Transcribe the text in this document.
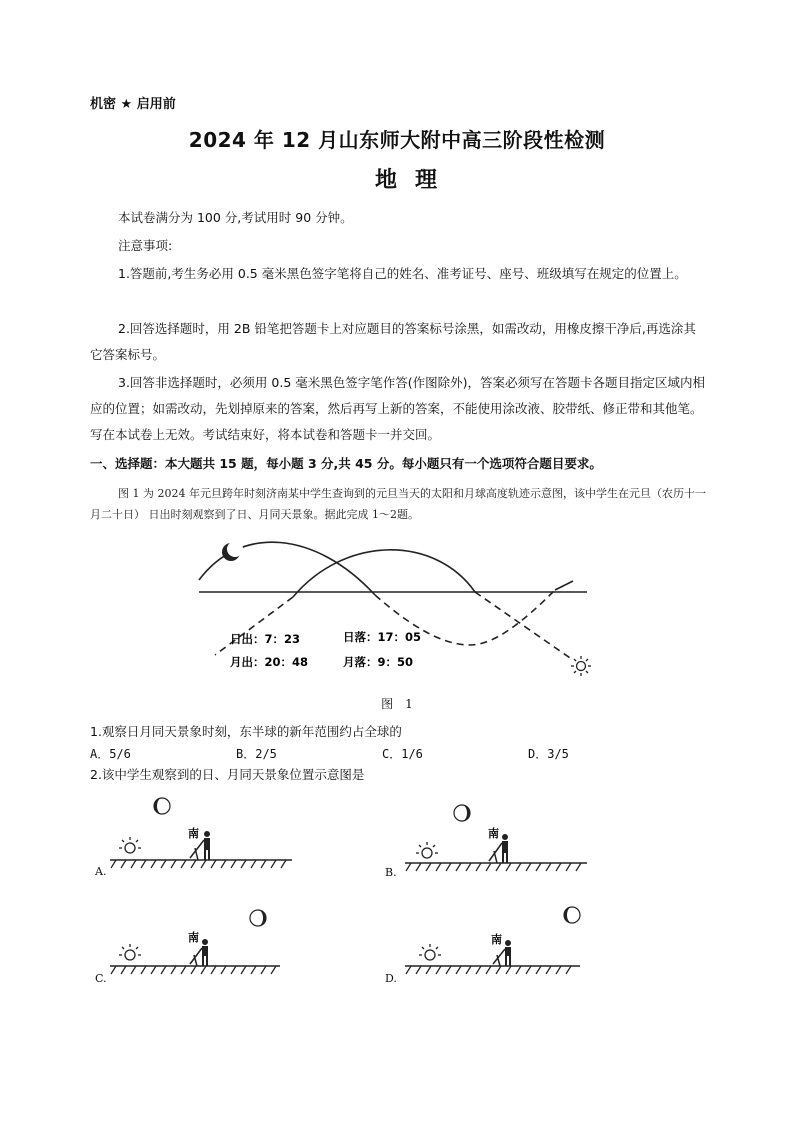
机密 ★ 启用前
2024 年 12 月山东师大附中高三阶段性检测
地理
本试卷满分为 100 分,考试用时 90 分钟。
注意事项:
1.答题前,考生务必用 0.5 毫米黑色签字笔将自己的姓名、准考证号、座号、班级填写在规定的位置上。
2.回答选择题时，用 2B 铅笔把答题卡上对应题目的答案标号涂黑，如需改动，用橡皮擦干净后,再选涂其它答案标号。
3.回答非选择题时，必须用 0.5 毫米黑色签字笔作答(作图除外)，答案必须写在答题卡各题目指定区域内相应的位置；如需改动，先划掉原来的答案，然后再写上新的答案，不能使用涂改液、胶带纸、修正带和其他笔。写在本试卷上无效。考试结束好，将本试卷和答题卡一并交回。
一、选择题：本大题共 15 题，每小题 3 分,共 45 分。每小题只有一个选项符合题目要求。
图 1 为 2024 年元旦跨年时刻济南某中学生查询到的元旦当天的太阳和月球高度轨迹示意图，该中学生在元旦（农历十一月二十日） 日出时刻观察到了日、月同天景象。据此完成 1～2题。
日出：7：23	日落：17：05
月出：20：48	月落：9：50
图　1
1.观察日月同天景象时刻，东半球的新年范围约占全球的
A．5/6	B．2/5	C．1/6	D．3/5
2.该中学生观察到的日、月同天景象位置示意图是
南
A.
南
B.
南
C.
南
D.
